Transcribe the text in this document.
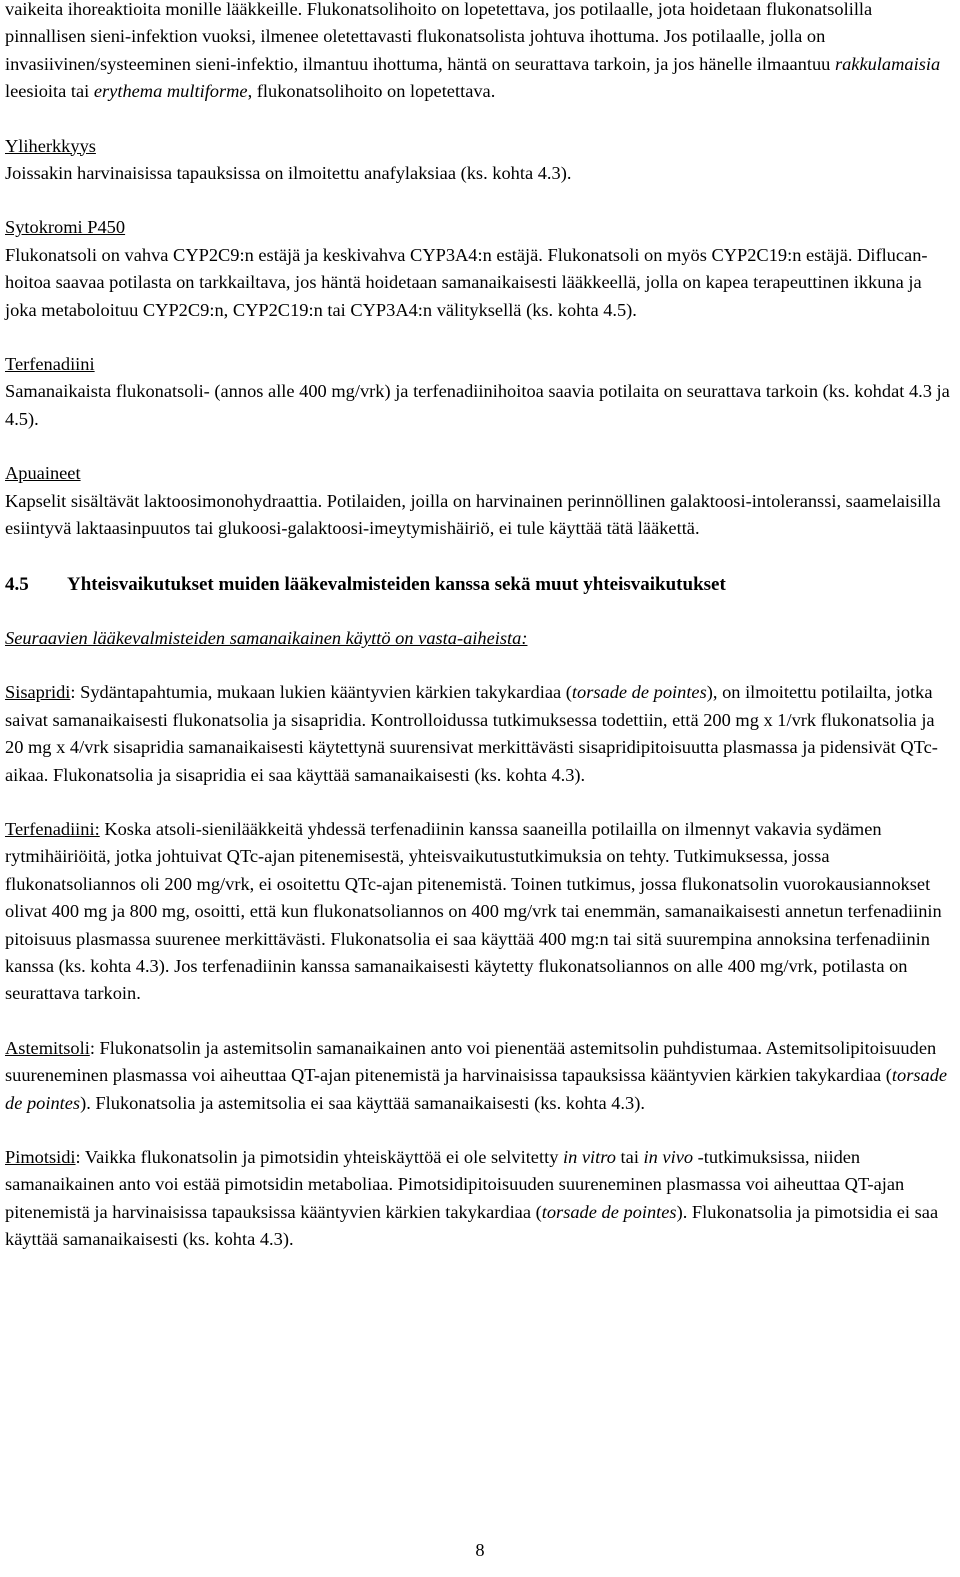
vaikeita ihoreaktioita monille lääkkeille. Flukonatsolihoito on lopetettava, jos potilaalle, jota hoidetaan flukonatsolilla pinnallisen sieni-infektion vuoksi, ilmenee oletettavasti flukonatsolista johtuva ihottuma. Jos potilaalle, jolla on invasiivinen/systeeminen sieni-infektio, ilmantuu ihottuma, häntä on seurattava tarkoin, ja jos hänelle ilmaantuu rakkulamaisia leesioita tai erythema multiforme, flukonatsolihoito on lopetettava.

Yliherkkyys

Joissakin harvinaisissa tapauksissa on ilmoitettu anafylaksiaa (ks. kohta 4.3).

Sytokromi P450

Flukonatsoli on vahva CYP2C9:n estäjä ja keskivahva CYP3A4:n estäjä. Flukonatsoli on myös CYP2C19:n estäjä. Diflucan-hoitoa saavaa potilasta on tarkkailtava, jos häntä hoidetaan samanaikaisesti lääkkeellä, jolla on kapea terapeuttinen ikkuna ja joka metaboloituu CYP2C9:n, CYP2C19:n tai CYP3A4:n välityksellä (ks. kohta 4.5).

Terfenadiini

Samanaikaista flukonatsoli- (annos alle 400 mg/vrk) ja terfenadiinihoitoa saavia potilaita on seurattava tarkoin (ks. kohdat 4.3 ja 4.5).

Apuaineet

Kapselit sisältävät laktoosimonohydraattia. Potilaiden, joilla on harvinainen perinnöllinen galaktoosi-intoleranssi, saamelaisilla esiintyvä laktaasinpuutos tai glukoosi-galaktoosi-imeytymishäiriö, ei tule käyttää tätä lääkettä.

4.5 Yhteisvaikutukset muiden lääkevalmisteiden kanssa sekä muut yhteisvaikutukset

Seuraavien lääkevalmisteiden samanaikainen käyttö on vasta-aiheista:

Sisapridi: Sydäntapahtumia, mukaan lukien kääntyvien kärkien takykardiaa (torsade de pointes), on ilmoitettu potilailta, jotka saivat samanaikaisesti flukonatsolia ja sisapridia. Kontrolloidussa tutkimuksessa todettiin, että 200 mg x 1/vrk flukonatsolia ja 20 mg x 4/vrk sisapridia samanaikaisesti käytettynä suurensivat merkittävästi sisapridipitoisuutta plasmassa ja pidensivät QTc-aikaa. Flukonatsolia ja sisapridia ei saa käyttää samanaikaisesti (ks. kohta 4.3).

Terfenadiini: Koska atsoli-sienilääkkeitä yhdessä terfenadiinin kanssa saaneilla potilailla on ilmennyt vakavia sydämen rytmihäiriöitä, jotka johtuivat QTc-ajan pitenemisestä, yhteisvaikutustutkimuksia on tehty. Tutkimuksessa, jossa flukonatsoliannos oli 200 mg/vrk, ei osoitettu QTc-ajan pitenemistä. Toinen tutkimus, jossa flukonatsolin vuorokausiannokset olivat 400 mg ja 800 mg, osoitti, että kun flukonatsoliannos on 400 mg/vrk tai enemmän, samanaikaisesti annetun terfenadiinin pitoisuus plasmassa suurenee merkittävästi. Flukonatsolia ei saa käyttää 400 mg:n tai sitä suurempina annoksina terfenadiinin kanssa (ks. kohta 4.3). Jos terfenadiinin kanssa samanaikaisesti käytetty flukonatsoliannos on alle 400 mg/vrk, potilasta on seurattava tarkoin.

Astemitsoli: Flukonatsolin ja astemitsolin samanaikainen anto voi pienentää astemitsolin puhdistumaa. Astemitsolipitoisuuden suureneminen plasmassa voi aiheuttaa QT-ajan pitenemistä ja harvinaisissa tapauksissa kääntyvien kärkien takykardiaa (torsade de pointes). Flukonatsolia ja astemitsolia ei saa käyttää samanaikaisesti (ks. kohta 4.3).

Pimotsidi: Vaikka flukonatsolin ja pimotsidin yhteiskäyttöä ei ole selvitetty in vitro tai in vivo -tutkimuksissa, niiden samanaikainen anto voi estää pimotsidin metaboliaa. Pimotsidipitoisuuden suureneminen plasmassa voi aiheuttaa QT-ajan pitenemistä ja harvinaisissa tapauksissa kääntyvien kärkien takykardiaa (torsade de pointes). Flukonatsolia ja pimotsidia ei saa käyttää samanaikaisesti (ks. kohta 4.3).

8
